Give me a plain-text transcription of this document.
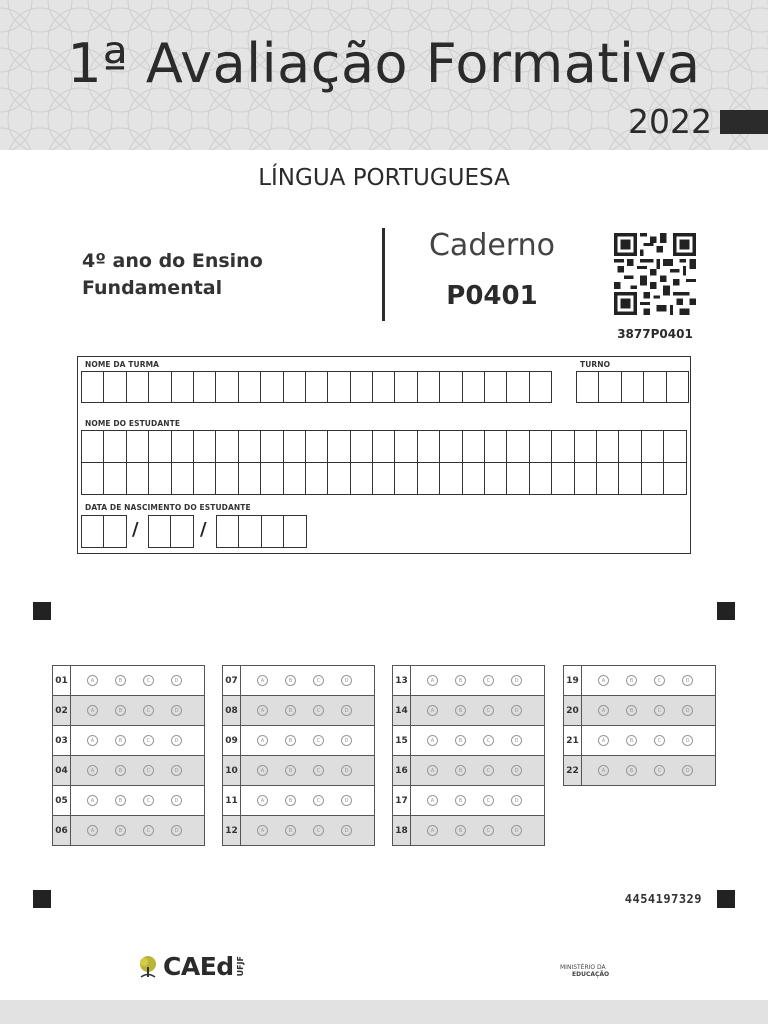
1ª Avaliação Formativa
2022
LÍNGUA PORTUGUESA
4º ano do Ensino Fundamental
Caderno
P0401
3877P0401
NOME DA TURMA	TURNO
NOME DO ESTUDANTE
DATA DE NASCIMENTO DO ESTUDANTE
/	/
01	A	B	C	D
02	A	B	C	D
03	A	B	C	D
04	A	B	C	D
05	A	B	C	D
06	A	B	C	D
07	A	B	C	D
08	A	B	C	D
09	A	B	C	D
10	A	B	C	D
11	A	B	C	D
12	A	B	C	D
13	A	B	C	D
14	A	B	C	D
15	A	B	C	D
16	A	B	C	D
17	A	B	C	D
18	A	B	C	D
19	A	B	C	D
20	A	B	C	D
21	A	B	C	D
22	A	B	C	D
4454197329
CAEd UFJF	MINISTÉRIO DA
EDUCAÇÃO
